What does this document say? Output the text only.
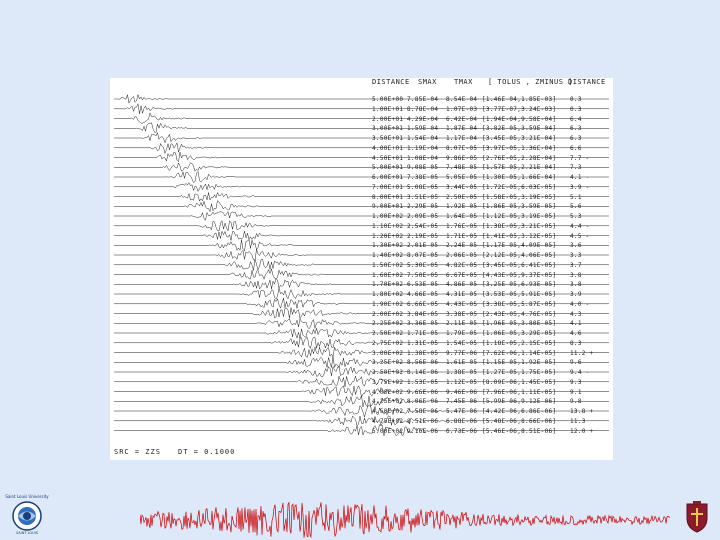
DISTANCE SMAX TMAX [ TOLUS , ZMINUS ]
DISTANCE
5.00E+00 7.85E-04 8.54E-04 [1.46E-04,1.85E-03] 0.3
1.00E+01 8.78E-04 1.07E-03 [3.77E-07,3.24E-03] 0.3
2.00E+01 4.29E-04 6.42E-04 [1.94E-04,9.58E-04] 6.4
3.00E+01 1.59E-04 1.87E-04 [3.82E-05,3.59E-04] 6.3
3.50E+01 1.54E-04 1.17E-04 [3.45E-05,3.21E-04] 6.3
4.00E+01 1.19E-04 8.07E-05 [3.97E-05,1.36E-04] 6.6
4.50E+01 1.08E-04 9.86E-05 [2.76E-05,2.28E-04] 7.7 -
5.00E+01 9.08E-05 7.48E-05 [1.57E-05,2.21E-04] 7.3 -
6.00E+01 7.38E-05 5.05E-05 [1.30E-05,1.66E-04] 4.1 -
7.00E+01 5.08E-05 3.44E-05 [1.72E-05,6.03E-05] 3.9 -
8.00E+01 3.51E-05 2.50E-05 [1.58E-05,3.19E-05] 5.1
9.00E+01 2.29E-05 1.92E-05 [1.86E-05,3.59E-05] 5.6
1.00E+02 2.09E-05 1.64E-05 [1.12E-05,3.19E-05] 5.3
1.10E+02 2.54E-05 1.76E-05 [1.38E-05,3.21E-05] 4.4 -
1.20E+02 2.19E-05 1.71E-05 [1.41E-05,3.12E-05] 4.5 -
1.30E+02 2.01E-05 2.24E-05 [1.17E-05,4.09E-05] 3.6
1.40E+02 8.07E-05 2.06E-05 [2.12E-05,4.06E-05] 3.3
1.50E+02 5.30E-05 4.82E-05 [3.45E-05,6.41E-05] 3.7
1.60E+02 7.50E-05 6.67E-05 [4.43E-05,9.37E-05] 3.8
1.70E+02 6.53E-05 4.86E-05 [3.25E-05,6.93E-05] 3.8
1.80E+02 4.66E-05 4.31E-05 [3.53E-05,5.91E-05] 3.9
1.90E+02 6.66E-05 4.43E-05 [3.38E-05,5.87E-05] 4.0 -
2.00E+02 3.84E-05 3.38E-05 [2.43E-05,4.76E-05] 4.3
2.25E+02 3.36E-05 2.11E-05 [1.96E-05,3.80E-05] 4.1
2.50E+02 1.71E-05 1.79E-05 [1.06E-05,3.29E-05] 4.6
2.75E+02 1.31E-05 1.54E-05 [1.18E-05,2.15E-05] 8.3
3.00E+02 1.38E-05 9.77E-06 [7.62E-06,1.14E-05] 11.2 +
3.25E+02 8.56E-06 1.61E-05 [1.15E-05,1.92E-05] 9.6
3.50E+02 8.14E-06 1.38E-05 [1.27E-05,1.75E-05] 9.4 -
3.75E+02 1.53E-05 1.12E-05 [8.09E-06,1.45E-05] 9.3
4.00E+02 9.66E-06 9.46E-06 [7.96E-06,1.11E-05] 9.1
4.25E+02 8.06E-06 7.45E-06 [5.99E-06,9.12E-06] 9.8
4.50E+02 7.58E-06 5.47E-06 [4.42E-06,6.86E-06] 13.8 +
4.75E+02 8.51E-06 6.88E-06 [5.48E-06,8.66E-06] 11.3
5.00E+02 9.16E-06 6.73E-06 [5.46E-06,8.51E-06] 12.0 +
SRC = ZZS DT = 0.1000
Saint Louis University
SAINT LOUIS
